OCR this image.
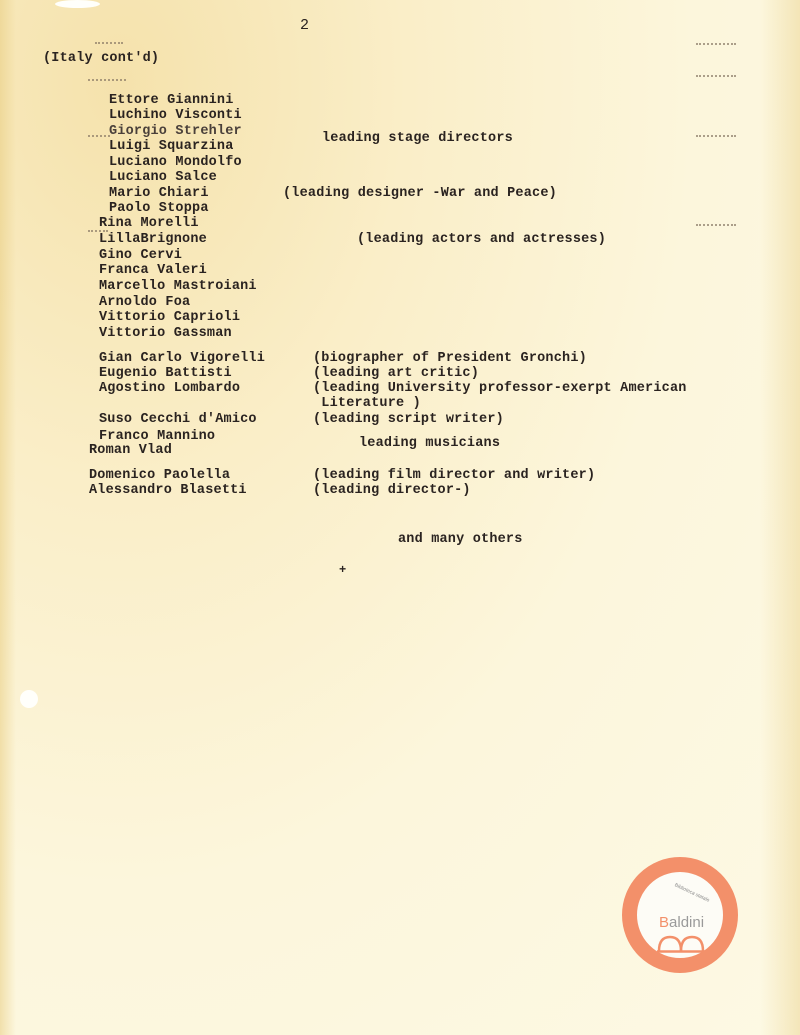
2
(Italy cont'd)
Ettore Giannini
Luchino Visconti
Giorgio Strehler
Luigi Squarzina
Luciano Mondolfo
Luciano Salce
leading stage directors
Mario Chiari	(leading designer -War and Peace)
Paolo Stoppa
Rina Morelli
LillaBrignone
Gino Cervi
Franca Valeri
Marcello Mastroiani
Arnoldo Foa
Vittorio Caprioli
Vittorio Gassman
(leading actors and actresses)
Gian Carlo Vigorelli	(biographer of President Gronchi)
Eugenio Battisti	(leading art critic)
Agostino Lombardo	(leading University professor-exerpt American
Literature )
Suso Cecchi d'Amico	(leading script writer)
Franco Mannino
Roman Vlad	leading musicians
Domenico Paolella	(leading film director and writer)
Alessandro Blasetti	(leading director-)
and many others
+
Biblioteca statale
Baldini
